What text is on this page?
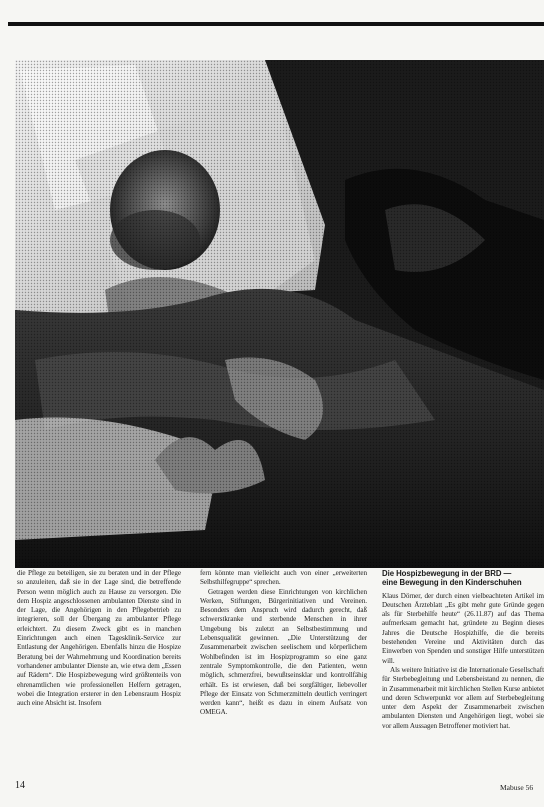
die Pflege zu beteiligen, sie zu beraten und in der Pflege so anzuleiten, daß sie in der Lage sind, die betreffende Person wenn möglich auch zu Hause zu versorgen. Die dem Hospiz angeschlossenen ambulanten Dienste sind in der Lage, die Angehörigen in den Pflegebetrieb zu integrieren, soll der Übergang zu ambulanter Pflege erleichtert. Zu diesem Zweck gibt es in manchen Einrichtungen auch einen Tagesklinik-Service zur Entlastung der Angehörigen. Ebenfalls hinzu die Hospize Beratung bei der Wahrnehmung und Koordination bereits vorhandener ambulanter Dienste an, wie etwa dem „Essen auf Rädern“. Die Hospizbewegung wird größtenteils von ehrenamtlichen wie professionellen Helfern getragen, wobei die Integration ersterer in den Lebensraum Hospiz auch eine Absicht ist. Insofern

fern könnte man vielleicht auch von einer „erweiterten Selbsthilfegruppe“ sprechen.

Getragen werden diese Einrichtungen von kirchlichen Werken, Stiftungen, Bürgerinitiativen und Vereinen. Besonders dem Anspruch wird dadurch gerecht, daß schwerstkranke und sterbende Menschen in ihrer Umgebung bis zuletzt an Selbstbestimmung und Lebensqualität gewinnen. „Die Unterstützung der Zusammenarbeit zwischen seelischem und körperlichem Wohlbefinden ist im Hospizprogramm so eine ganz zentrale Symptomkontrolle, die den Patienten, wenn möglich, schmerzfrei, bewußtseinsklar und kontrollfähig erhält. Es ist erwiesen, daß bei sorgfältiger, liebevoller Pflege der Einsatz von Schmerzmitteln deutlich verringert werden kann“, heißt es dazu in einem Aufsatz von OMEGA.

Die Hospizbewegung in der BRD —
eine Bewegung in den Kinderschuhen

Klaus Dörner, der durch einen vielbeachteten Artikel im Deutschen Ärzteblatt „Es gibt mehr gute Gründe gegen als für Sterbehilfe heute“ (26.11.87) auf das Thema aufmerksam gemacht hat, gründete zu Beginn dieses Jahres die Deutsche Hospizhilfe, die die bereits bestehenden Vereine und Aktivitäten durch das Einwerben von Spenden und sonstiger Hilfe unterstützen will.

Als weitere Initiative ist die Internationale Gesellschaft für Sterbebegleitung und Lebensbeistand zu nennen, die in Zusammenarbeit mit kirchlichen Stellen Kurse anbietet und deren Schwerpunkt vor allem auf Sterbebegleitung unter dem Aspekt der Zusammenarbeit zwischen ambulanten Diensten und Angehörigen liegt, wobei sie vor allem Aussagen Betroffener motiviert hat.

14	Mabuse 56
